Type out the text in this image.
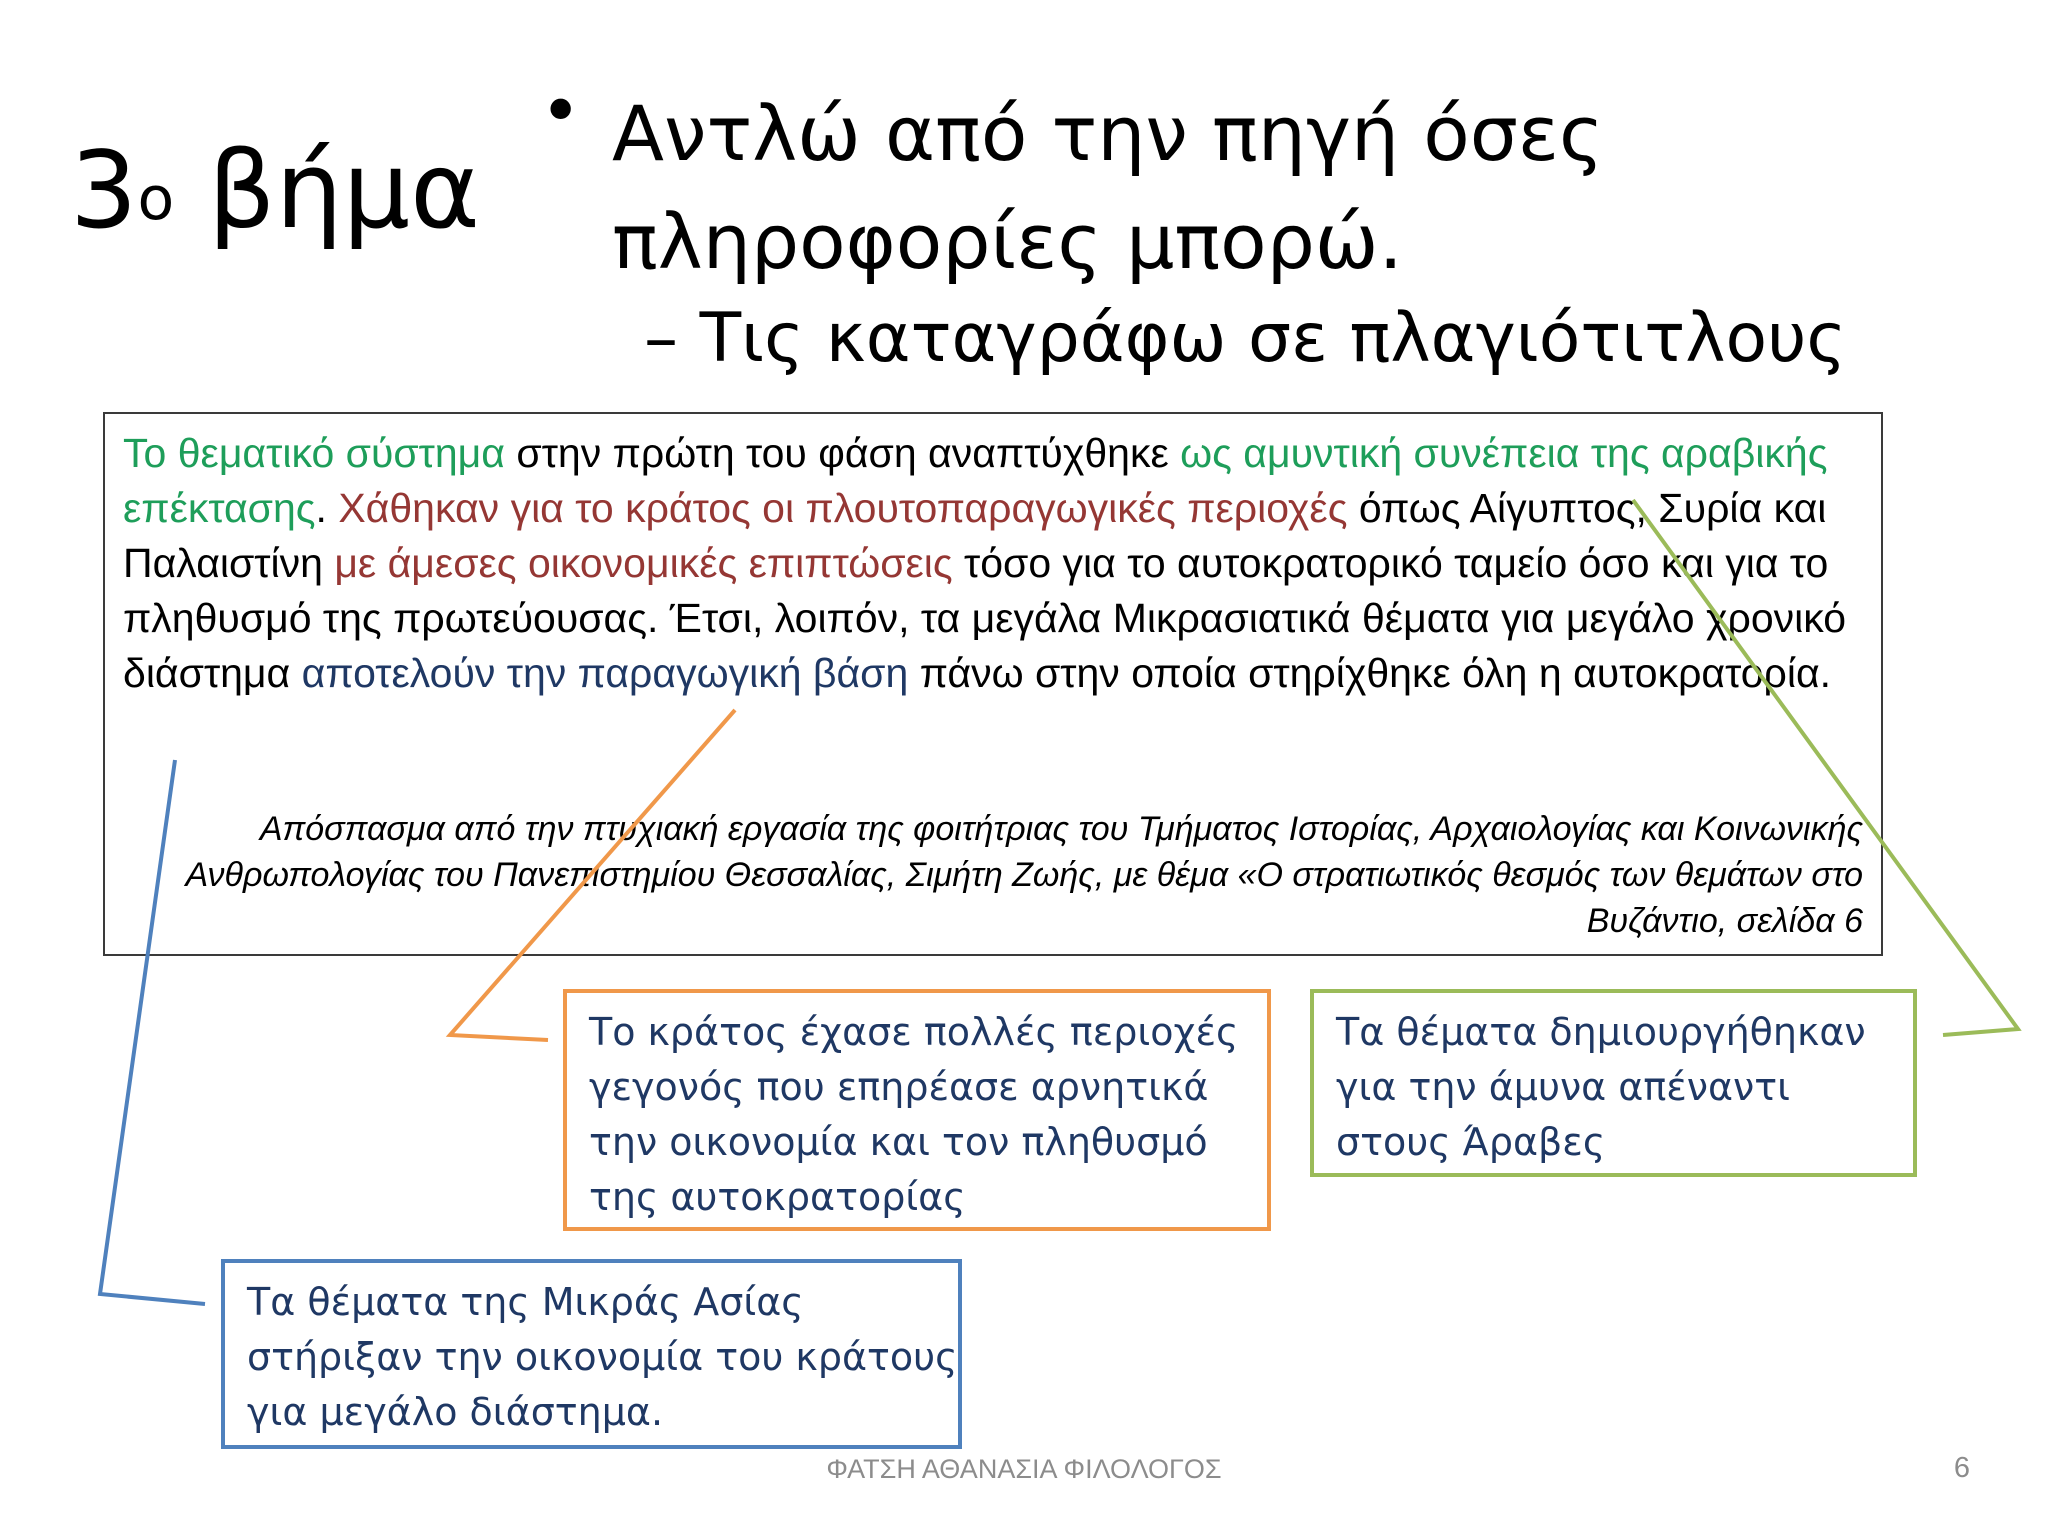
$3^o$ βήμα
• Αντλώ από την πηγή όσες πληροφορίες μπορώ.

– Τις καταγράφω σε πλαγιότιτλους

Το θεματικό σύστημα στην πρώτη του φάση αναπτύχθηκε ως αμυντική συνέπεια της αραβικής επέκτασης. Χάθηκαν για το κράτος οι πλουτοπαραγωγικές περιοχές όπως Αίγυπτος, Συρία και Παλαιστίνη με άμεσες οικονομικές επιπτώσεις τόσο για το αυτοκρατορικό ταμείο όσο και για το πληθυσμό της πρωτεύουσας. Έτσι, λοιπόν, τα μεγάλα Μικρασιατικά θέματα για μεγάλο χρονικό διάστημα αποτελούν την παραγωγική βάση πάνω στην οποία στηρίχθηκε όλη η αυτοκρατορία.

Απόσπασμα από την πτυχιακή εργασία της φοιτήτριας του Τμήματος Ιστορίας, Αρχαιολογίας και Κοινωνικής Ανθρωπολογίας του Πανεπιστημίου Θεσσαλίας, Σιμήτη Ζωής, με θέμα «Ο στρατιωτικός θεσμός των θεμάτων στο Βυζάντιο, σελίδα 6

Το κράτος έχασε πολλές περιοχές γεγονός που επηρέασε αρνητικά την οικονομία και τον πληθυσμό της αυτοκρατορίας

Τα θέματα δημιουργήθηκαν για την άμυνα απέναντι στους Άραβες

Τα θέματα της Μικράς Ασίας στήριξαν την οικονομία του κράτους για μεγάλο διάστημα.

ΦΑΤΣΗ ΑΘΑΝΑΣΙΑ ΦΙΛΟΛΟΓΟΣ	6
